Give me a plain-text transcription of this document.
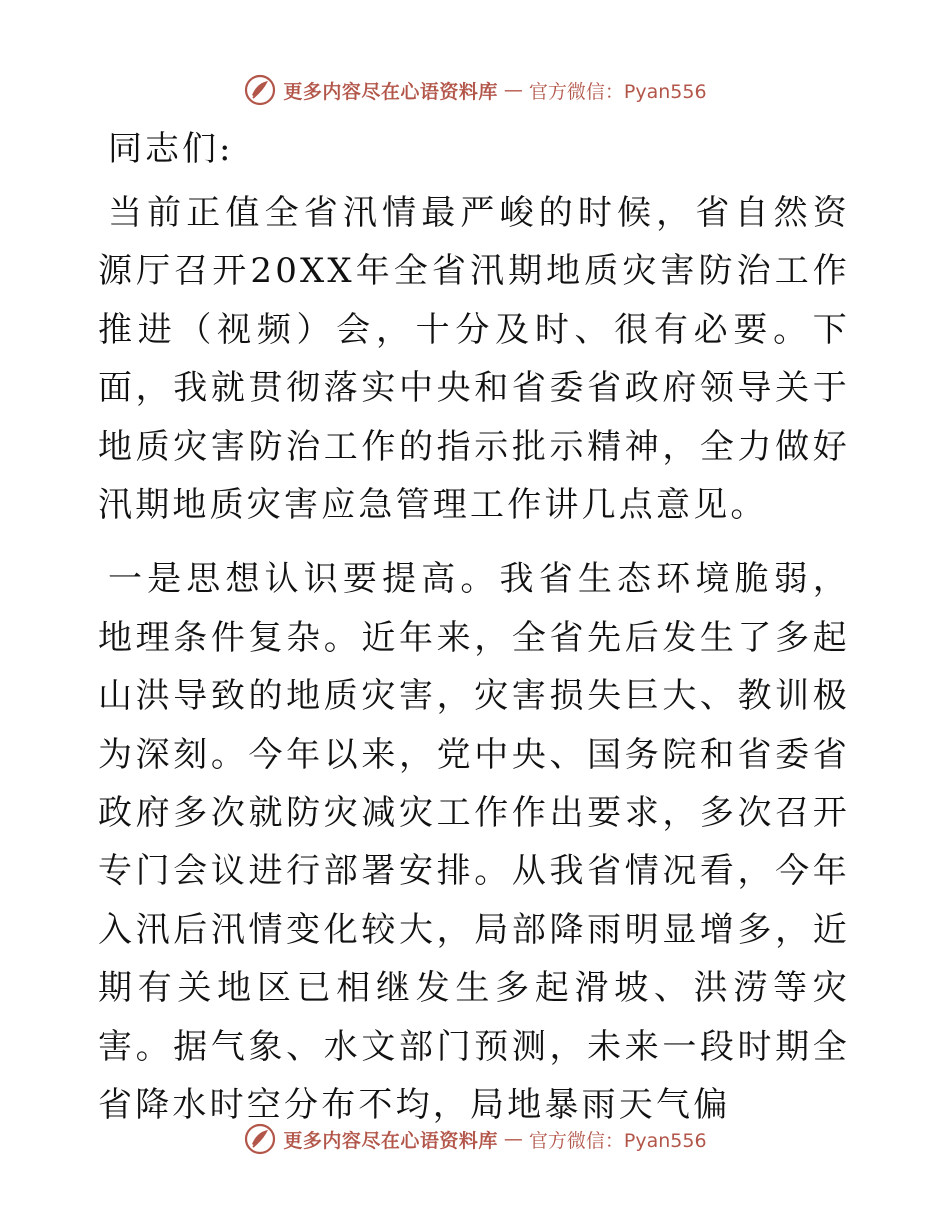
更多内容尽在心语资料库 — 官方微信：Pyan556
同志们:

当前正值全省汛情最严峻的时候，省自然资源厅召开20XX年全省汛期地质灾害防治工作推进（视频）会，十分及时、很有必要。下面，我就贯彻落实中央和省委省政府领导关于地质灾害防治工作的指示批示精神，全力做好汛期地质灾害应急管理工作讲几点意见。

一是思想认识要提高。我省生态环境脆弱，地理条件复杂。近年来，全省先后发生了多起山洪导致的地质灾害，灾害损失巨大、教训极为深刻。今年以来，党中央、国务院和省委省政府多次就防灾减灾工作作出要求，多次召开专门会议进行部署安排。从我省情况看，今年入汛后汛情变化较大，局部降雨明显增多，近期有关地区已相继发生多起滑坡、洪涝等灾害。据气象、水文部门预测，未来一段时期全省降水时空分布不均，局地暴雨天气偏

更多内容尽在心语资料库 — 官方微信：Pyan556
